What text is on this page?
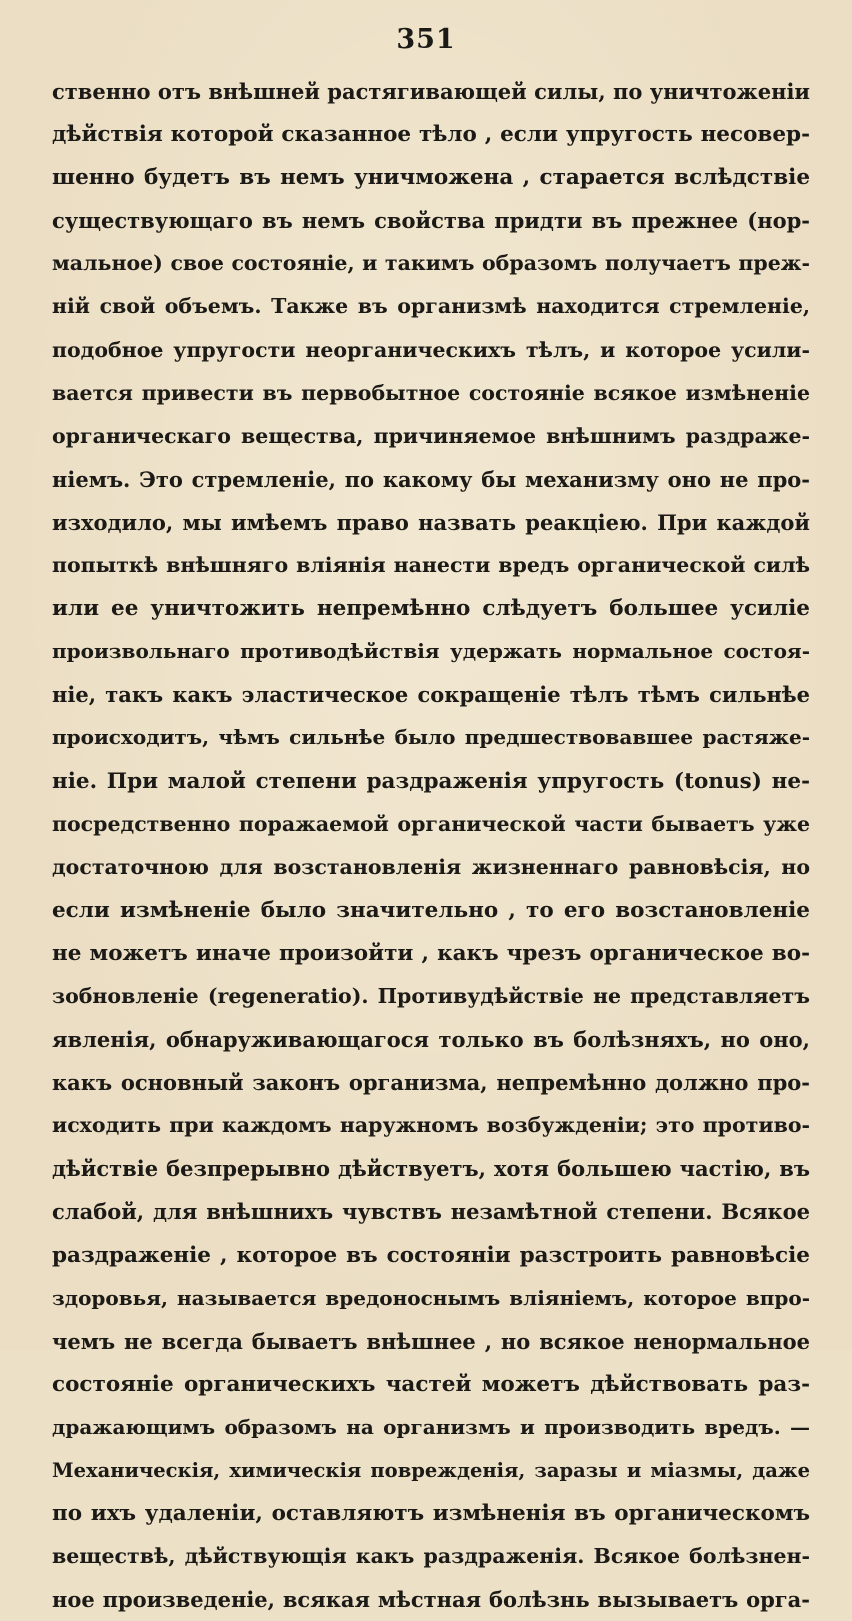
351
ственно отъ внѣшней растягивающей силы, по уничтоженіи
дѣйствія которой сказанное тѣло , если упругость несовер-
шенно будетъ въ немъ уничможена , старается вслѣдствіе
существующаго въ немъ свойства придти въ прежнее (нор-
мальное) свое состояніе, и такимъ образомъ получаетъ преж-
ній свой объемъ. Также въ организмѣ находится стремленіе,
подобное упругости неорганическихъ тѣлъ, и которое усили-
вается привести въ первобытное состояніе всякое измѣненіе
органическаго вещества, причиняемое внѣшнимъ раздраже-
ніемъ. Это стремленіе, по какому бы механизму оно не про-
изходило, мы имѣемъ право назвать реакціею. При каждой
попыткѣ внѣшняго вліянія нанести вредъ органической силѣ
или ее уничтожить непремѣнно слѣдуетъ большее усиліе
произвольнаго противодѣйствія удержать нормальное состоя-
ніе, такъ какъ эластическое сокращеніе тѣлъ тѣмъ сильнѣе
происходитъ, чѣмъ сильнѣе было предшествовавшее растяже-
ніе. При малой степени раздраженія упругость (tonus) не-
посредственно поражаемой органической части бываетъ уже
достаточною для возстановленія жизненнаго равновѣсія, но
если измѣненіе было значительно , то его возстановленіе
не можетъ иначе произойти , какъ чрезъ органическое во-
зобновленіе (regeneratio). Противудѣйствіе не представляетъ
явленія, обнаруживающагося только въ болѣзняхъ, но оно,
какъ основный законъ организма, непремѣнно должно про-
исходить при каждомъ наружномъ возбужденіи; это противо-
дѣйствіе безпрерывно дѣйствуетъ, хотя большею частію, въ
слабой, для внѣшнихъ чувствъ незамѣтной степени. Всякое
раздраженіе , которое въ состояніи разстроить равновѣсіе
здоровья, называется вредоноснымъ вліяніемъ, которое впро-
чемъ не всегда бываетъ внѣшнее , но всякое ненормальное
состояніе органическихъ частей можетъ дѣйствовать раз-
дражающимъ образомъ на организмъ и производить вредъ. —
Механическія, химическія поврежденія, заразы и міазмы, даже
по ихъ удаленіи, оставляютъ измѣненія въ органическомъ
веществѣ, дѣйствующія какъ раздраженія. Всякое болѣзнен-
ное произведеніе, всякая мѣстная болѣзнь вызываетъ орга-
